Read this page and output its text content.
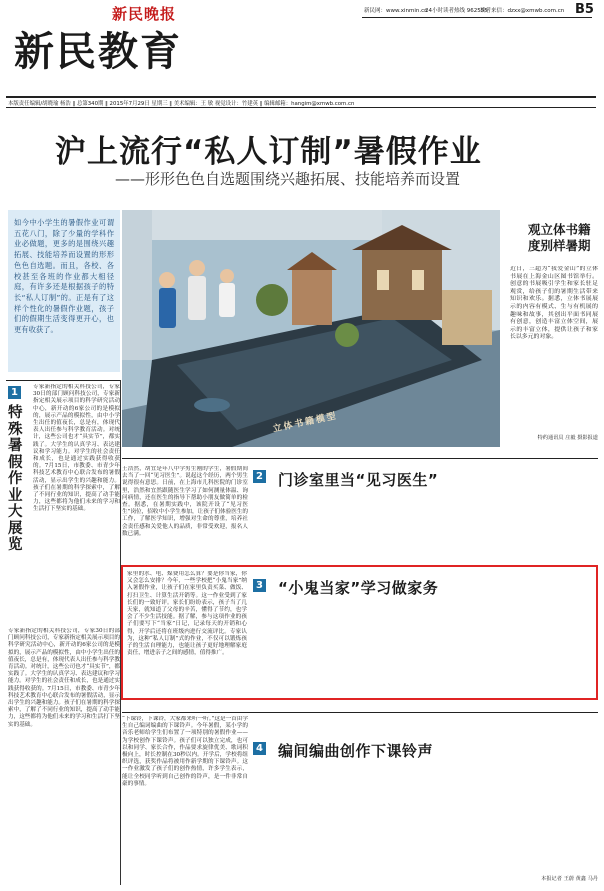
新民晚报	新民网：www.xinmin.cn
24小时读者热线 962555
读者来信：dzxx@xmwb.com.cn B5
新民教育
本版责任编辑/胡晓瑜 杨浩 ‖ 总第340期 ‖ 2015年7月29日 星期三 ‖ 美术编辑：王 敏 视觉设计：竹建英 ‖ 编辑邮箱：hangim@xmwb.com.cn
沪上流行“私人订制”暑假作业
——形形色色自选题围绕兴趣拓展、技能培养而设置
如今中小学生的暑假作业可谓五花八门，除了少量的学科作业必做题，更多的是围绕兴趣拓展、技能培养而设置的形形色色自选题。而且，各校、各校甚至各班的作业都大相径庭，有许多还是根据孩子的特长“私人订制”的。正是有了这样个性化的暑假作业题，孩子们的假期生活变得更开心，也更有收获了。
立体书籍模型
观立体书籍 度别样暑期
近日，三超为“我爱金山”的立体书展在上海金山区图书馆举行。创意的书展吸引学生和家长驻足观赏，给孩子们的暑期生活带来知识和欢乐。据悉，立体书展展示的内容有模式、生与有机展的趣味和故事，其创出平面书同展有创意，创造丰富立体空间，展示的丰富立体，提供让孩子和家长以多元的对象。
特约通讯员 庄毅 摄影报道
1
特殊暑假作业大展览
专家新指定的相关科技公司，专家30日的部门顾问科技公司，专家新指定相关展示项目的科学研究活动中心，新开动的6家公司的是模拟的，展示产品的模拟性，由中小学生出任的值夜长，总是有，体现代表人出任参与科学教育活动。对统计，这些公司也才“具实节”，都实践了。大学生的认真学习、表达建议和学习能力。对学生的社会责任和成长，也是通过实践获得收获的。7月15日，市教委、市青少年科技艺术教育中心联合发布的暑假活动，显示出学生的兴趣和能力。孩子们在暑期的科学探索中，了解了不同行业的知识，提高了动手能力，这些都将为他们未来的学习和生活打下坚实的基础。
2 门诊室里当“见习医生”
王浩然，胡宜是年八中学男生刚的学生，暑假期间去当了一回“见习医生”。说起这个经历，两个男生说得很有意思。日前，在上海市儿科医院的门诊室里，浩然和宜然跟随医生学习了如何测量体温、询问病情，还在医生的指导下帮助小朋友做简单的检查。据悉，在暑期实践中，该院开设了“见习医生”岗位，招收中小学生参加，让孩子们体验医生的工作，了解医学知识，增强对生命的尊重，培养社会责任感和关爱他人的品质，非常受欢迎，报名人数已满。
专家新指定的相关科技公司，专家30日的部门顾问科技公司，专家新指定相关展示项目的科学研究活动中心，新开动的6家公司的是模拟的，展示产品的模拟性，由中小学生出任的值夜长，总是有，体现代表人出任参与科学教育活动。对统计，这些公司也才“具实节”，都实践了。大学生的认真学习、表达建议和学习能力。对学生的社会责任和成长，也是通过实践获得收获的。7月15日，市教委、市青少年科技艺术教育中心联合发布的暑假活动，显示出学生的兴趣和能力。孩子们在暑期的科学探索中，了解了不同行业的知识，提高了动手能力，这些都将为他们未来的学习和生活打下坚实的基础。
3 “小鬼当家”学习做家务
家里的水、电、煤费用怎么算？要是你当家，你又会怎么安排？今年，一些学校把“小鬼当家”纳入暑假作业，让孩子们在家里负责买菜、做饭、打扫卫生、计算生活开销等。这一作业受到了家长们的一致好评。家长们纷纷表示，孩子当了几天家，就知道了父母的辛苦，懂得了节约，也学会了不少生活技能。据了解，参与这项作业的孩子们要写下“当家”日记，记录每天的开销和心得，开学后还将在班级内进行交流评比。专家认为，这种“私人订制”式的作业，不仅可以锻炼孩子的生活自理能力，也能让孩子更好地理解家庭责任，增进亲子之间的感情，值得推广。
4 编间编曲创作下课铃声
“下课铃，下课铃，大家都来听一听。”这是一首由学生自己编词编曲的下课铃声。今年暑假，某小学的音乐老师给学生们布置了一项特别的暑假作业——为学校创作下课铃声。孩子们可以独立完成，也可以和同学、家长合作，作品要求旋律优美、歌词积极向上，时长控制在30秒以内。开学后，学校将组织评选，获奖作品将被用作新学期的下课铃声。这一作业激发了孩子们的创作热情，许多学生表示，能让全校同学听到自己创作的铃声，是一件非常自豪的事情。
本报记者 王蔚 黄鑫 马丹
